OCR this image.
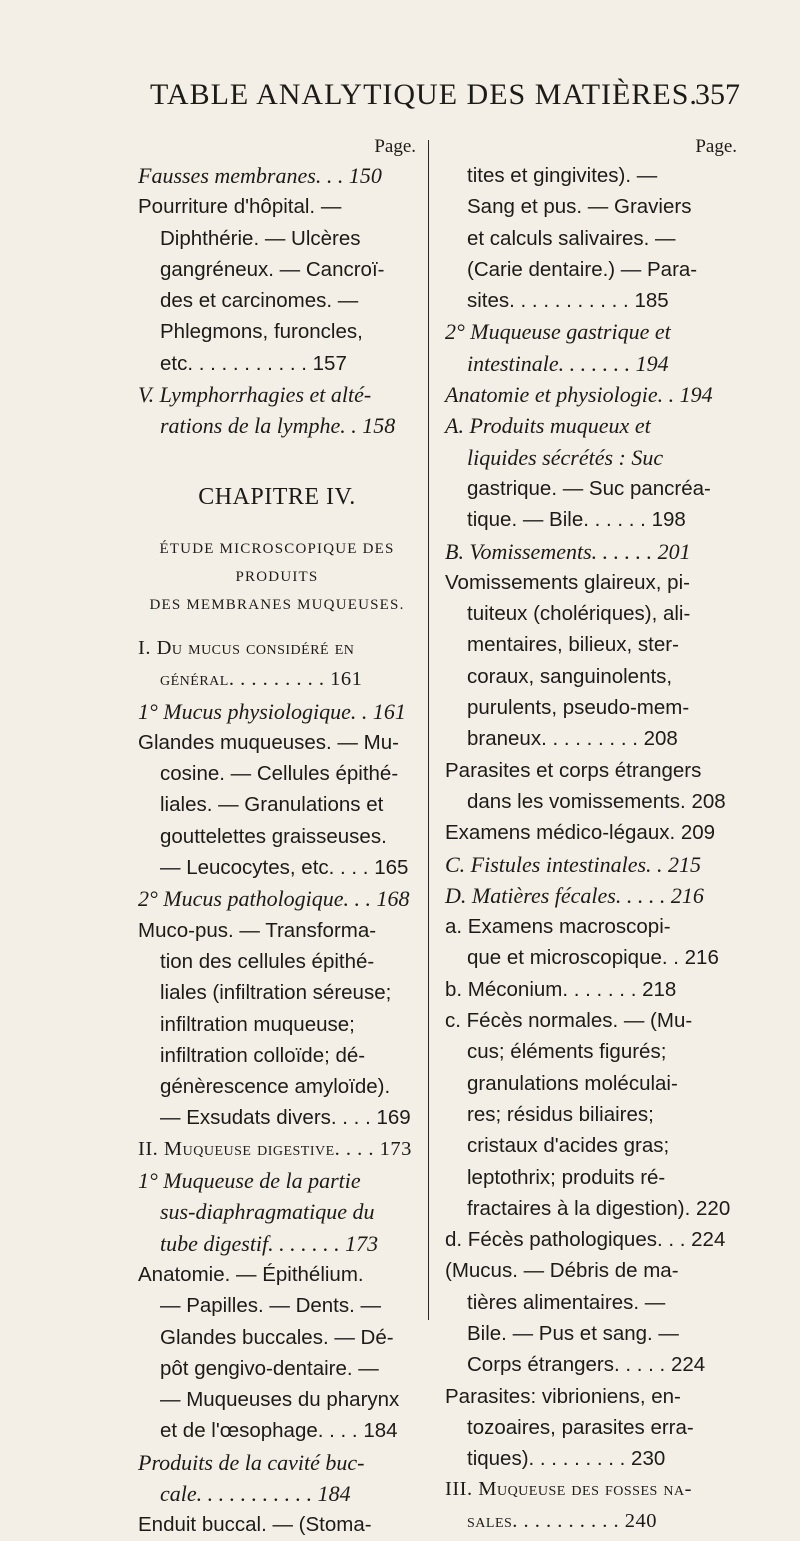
TABLE ANALYTIQUE DES MATIÈRES.
357
Page.
Fausses membranes. . . 150
Pourriture d'hôpital. —
Diphthérie. — Ulcères
gangréneux. — Cancroï-
des et carcinomes. —
Phlegmons, furoncles,
etc. . . . . . . . . . . 157
V. Lymphorrhagies et alté-
rations de la lymphe. . 158
CHAPITRE IV.
ÉTUDE MICROSCOPIQUE DES PRODUITS
DES MEMBRANES MUQUEUSES.
I. Du mucus considéré en
général. . . . . . . . . 161
1° Mucus physiologique. . 161
Glandes muqueuses. — Mu-
cosine. — Cellules épithé-
liales. — Granulations et
gouttelettes graisseuses.
— Leucocytes, etc. . . . 165
2° Mucus pathologique. . . 168
Muco-pus. — Transforma-
tion des cellules épithé-
liales (infiltration séreuse;
infiltration muqueuse;
infiltration colloïde; dé-
génèrescence amyloïde).
— Exsudats divers. . . . 169
II. Muqueuse digestive. . . . 173
1° Muqueuse de la partie
sus-diaphragmatique du
tube digestif. . . . . . . 173
Anatomie. — Épithélium.
— Papilles. — Dents. —
Glandes buccales. — Dé-
pôt gengivo-dentaire. —
— Muqueuses du pharynx
et de l'œsophage. . . . 184
Produits de la cavité buc-
cale. . . . . . . . . . . 184
Enduit buccal. — (Stoma-
Page.
tites et gingivites). —
Sang et pus. — Graviers
et calculs salivaires. —
(Carie dentaire.) — Para-
sites. . . . . . . . . . . 185
2° Muqueuse gastrique et
intestinale. . . . . . . 194
Anatomie et physiologie. . 194
A. Produits muqueux et
liquides sécrétés : Suc
gastrique. — Suc pancréa-
tique. — Bile. . . . . . 198
B. Vomissements. . . . . . 201
Vomissements glaireux, pi-
tuiteux (cholériques), ali-
mentaires, bilieux, ster-
coraux, sanguinolents,
purulents, pseudo-mem-
braneux. . . . . . . . . 208
Parasites et corps étrangers
dans les vomissements. 208
Examens médico-légaux. 209
C. Fistules intestinales. . 215
D. Matières fécales. . . . . 216
a. Examens macroscopi-
que et microscopique. . 216
b. Méconium. . . . . . . 218
c. Fécès normales. — (Mu-
cus; éléments figurés;
granulations moléculai-
res; résidus biliaires;
cristaux d'acides gras;
leptothrix; produits ré-
fractaires à la digestion). 220
d. Fécès pathologiques. . . 224
(Mucus. — Débris de ma-
tières alimentaires. —
Bile. — Pus et sang. —
Corps étrangers. . . . . 224
Parasites: vibrioniens, en-
tozoaires, parasites erra-
tiques). . . . . . . . . 230
III. Muqueuse des fosses na-
sales. . . . . . . . . . 240
